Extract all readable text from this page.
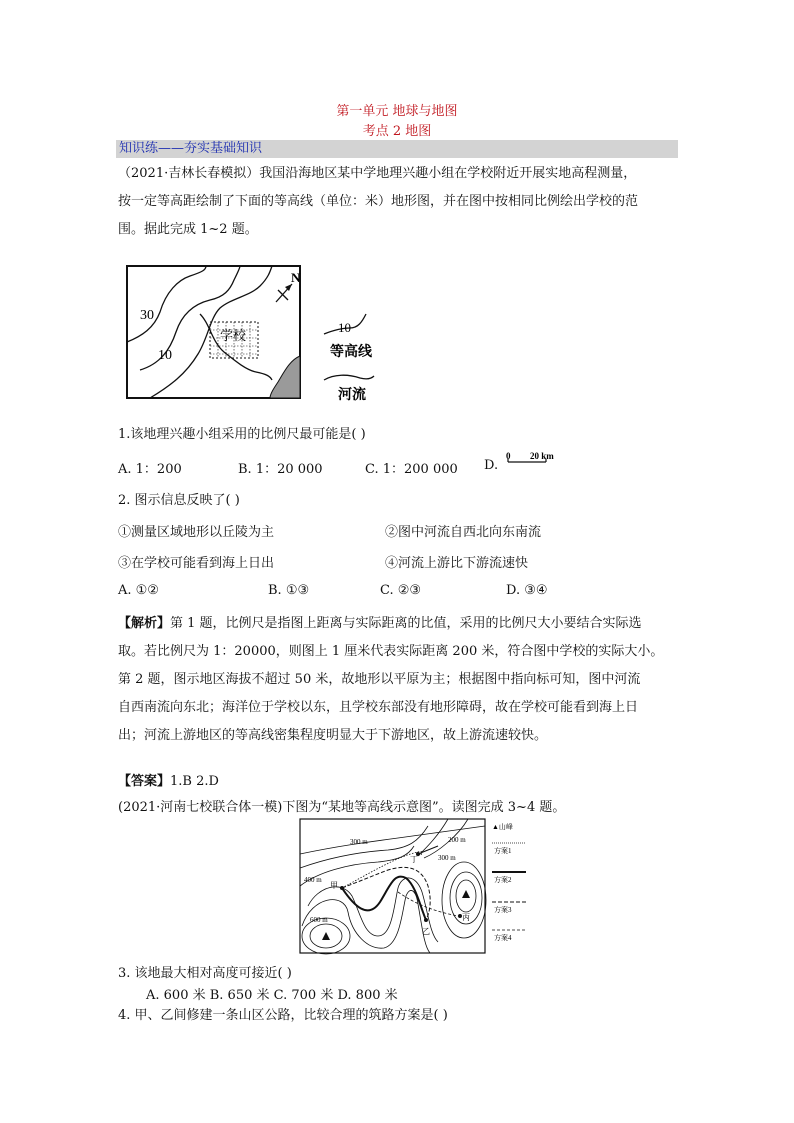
第一单元 地球与地图
考点 2 地图
知识练——夯实基础知识
（2021·吉林长春模拟）我国沿海地区某中学地理兴趣小组在学校附近开展实地高程测量，
按一定等高距绘制了下面的等高线（单位：米）地形图，并在图中按相同比例绘出学校的范
围。据此完成 1~2 题。
学校
30
10
N
10
等高线
河流
1.该地理兴趣小组采用的比例尺最可能是( )
A. 1：200	B. 1：20 000	C. 1：200 000 D.
0 20 km
2. 图示信息反映了( )
①测量区域地形以丘陵为主	②图中河流自西北向东南流
③在学校可能看到海上日出	④河流上游比下游流速快
A. ①②	B. ①③	C. ②③	D. ③④
【解析】第 1 题，比例尺是指图上距离与实际距离的比值，采用的比例尺大小要结合实际选
取。若比例尺为 1：20000，则图上 1 厘米代表实际距离 200 米，符合图中学校的实际大小。
第 2 题，图示地区海拔不超过 50 米，故地形以平原为主；根据图中指向标可知，图中河流
自西南流向东北；海洋位于学校以东，且学校东部没有地形障碍，故在学校可能看到海上日
出；河流上游地区的等高线密集程度明显大于下游地区，故上游流速较快。
【答案】1.B 2.D
(2021·河南七校联合体一模)下图为“某地等高线示意图”。读图完成 3~4 题。
300 m	200 m
300 m
400 m
600 m
甲
乙
丙
丁
▲山峰
方案1
方案2
方案3
方案4
3. 该地最大相对高度可接近( )
A. 600 米 B. 650 米 C. 700 米 D. 800 米
4. 甲、乙间修建一条山区公路，比较合理的筑路方案是( )
